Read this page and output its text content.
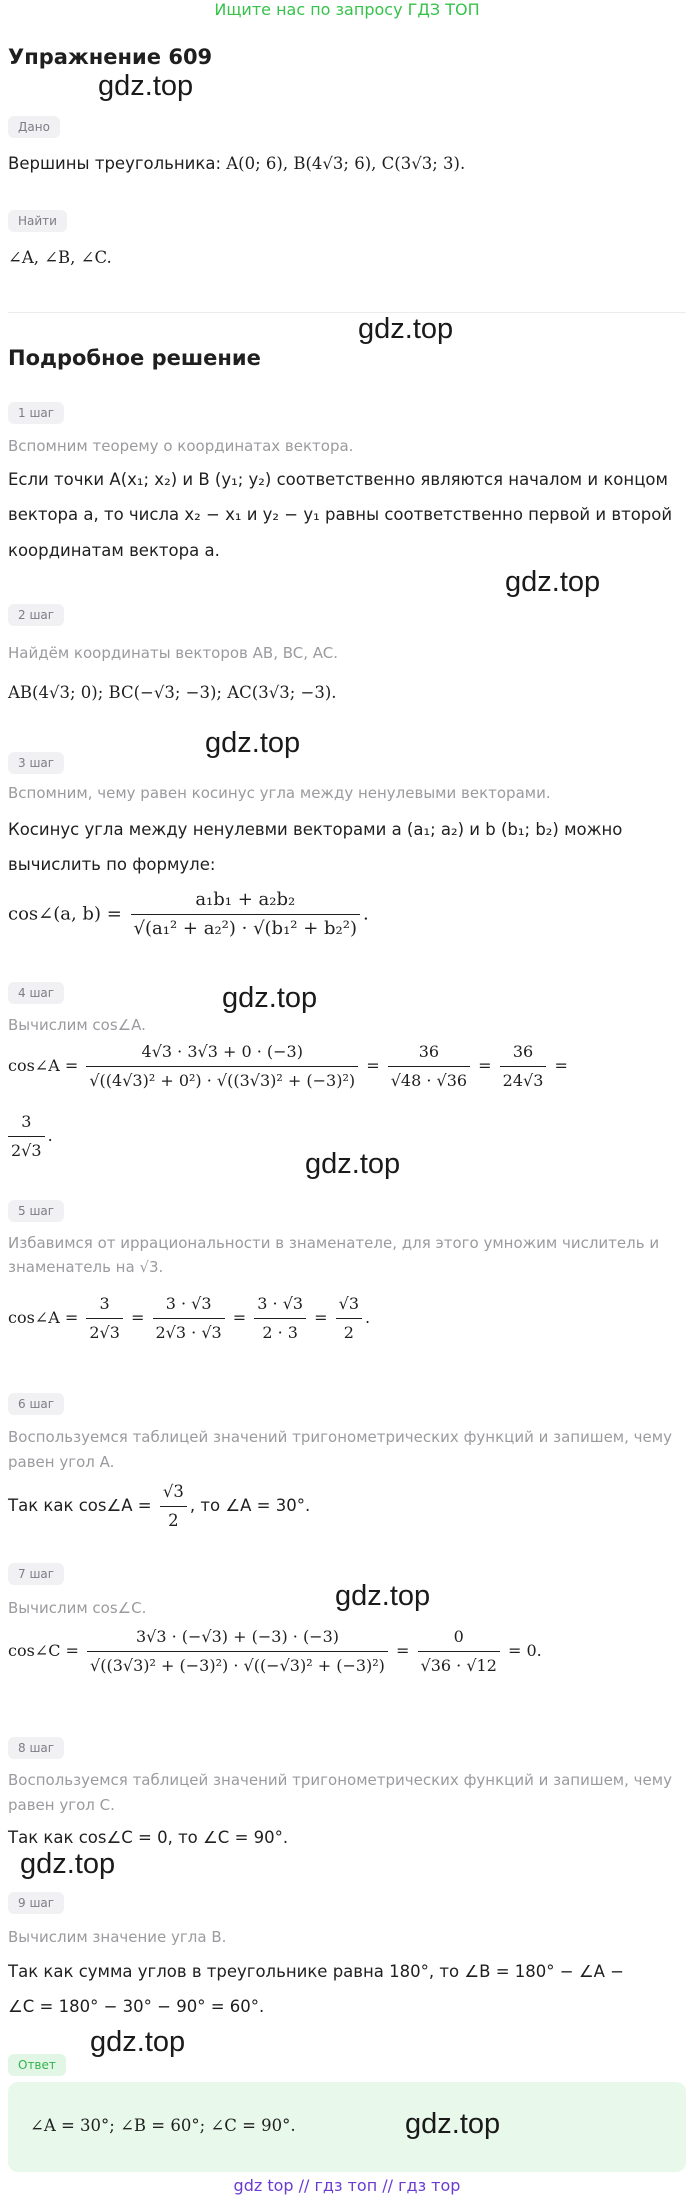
Ищите нас по запросу ГДЗ ТОП
Упражнение 609
gdz.top
Дано
Вершины треугольника: A(0; 6), B(4√3; 6), C(3√3; 3).
Найти
∠A, ∠B, ∠C.
gdz.top
Подробное решение
1 шаг
Вспомним теорему о координатах вектора.
Если точки A(x₁; x₂) и B (y₁; y₂) соответственно являются началом и концом
вектора a, то числа x₂ − x₁ и y₂ − y₁ равны соответственно первой и второй
координатам вектора a.
gdz.top
2 шаг
Найдём координаты векторов AB, BC, AC.
AB(4√3; 0); BC(−√3; −3); AC(3√3; −3).
gdz.top
3 шаг
Вспомним, чему равен косинус угла между ненулевыми векторами.
Косинус угла между ненулевми векторами a (a₁; a₂) и b (b₁; b₂) можно
вычислить по формуле:
cos∠(a, $b) = \frac{\text{a₁b₁ + a₂b₂}}{\text{√(a₁² + a₂²) · √(b₁² + b₂²)}}$ .
4 шаг	gdz.top
Вычислим cos∠A.
cos∠A = $\frac{4√3 \cdot 3√3 + 0 \cdot (-3)}{\text{√((4√3)² + 0²) · √((3√3)² + (−3)²)}} = \frac{36}{√48 \cdot √36} = \frac{36}{24√3}$ =
$\frac{3}{2√3}$ .
gdz.top
5 шаг
Избавимся от иррациональности в знаменателе, для этого умножим числитель и
знаменатель на √3.
cos∠A = $\frac{3}{2√3} = \frac{3 \cdot √3}{2√3 \cdot √3} = \frac{3 \cdot √3}{2 \cdot 3} = \frac{√3}{2}$ .
6 шаг
Воспользуемся таблицей значений тригонометрических функций и запишем, чему
равен угол A.
Так как cos∠A = $\frac{√3}{2}$ , то ∠A = 30°.
7 шаг
gdz.top
Вычислим cos∠C.
cos∠C = $\frac{3√3 \cdot (-√3) + (-3) \cdot (-3)}{\text{√((3√3)² + (−3)²) · √((−√3)² + (−3)²)}} = \frac{0}{√36 \cdot √12} = 0$.
8 шаг
Воспользуемся таблицей значений тригонометрических функций и запишем, чему
равен угол C.
Так как cos∠C = 0, то ∠C = 90°.
gdz.top
9 шаг
Вычислим значение угла B.
Так как сумма углов в треугольнике равна 180°, то ∠B = 180° − ∠A −
∠C = 180° − 30° − 90° = 60°.
gdz.top
Ответ
∠A = 30°; ∠B = 60°; ∠C = 90°.	gdz.top
gdz top // гдз топ // гдз тор
